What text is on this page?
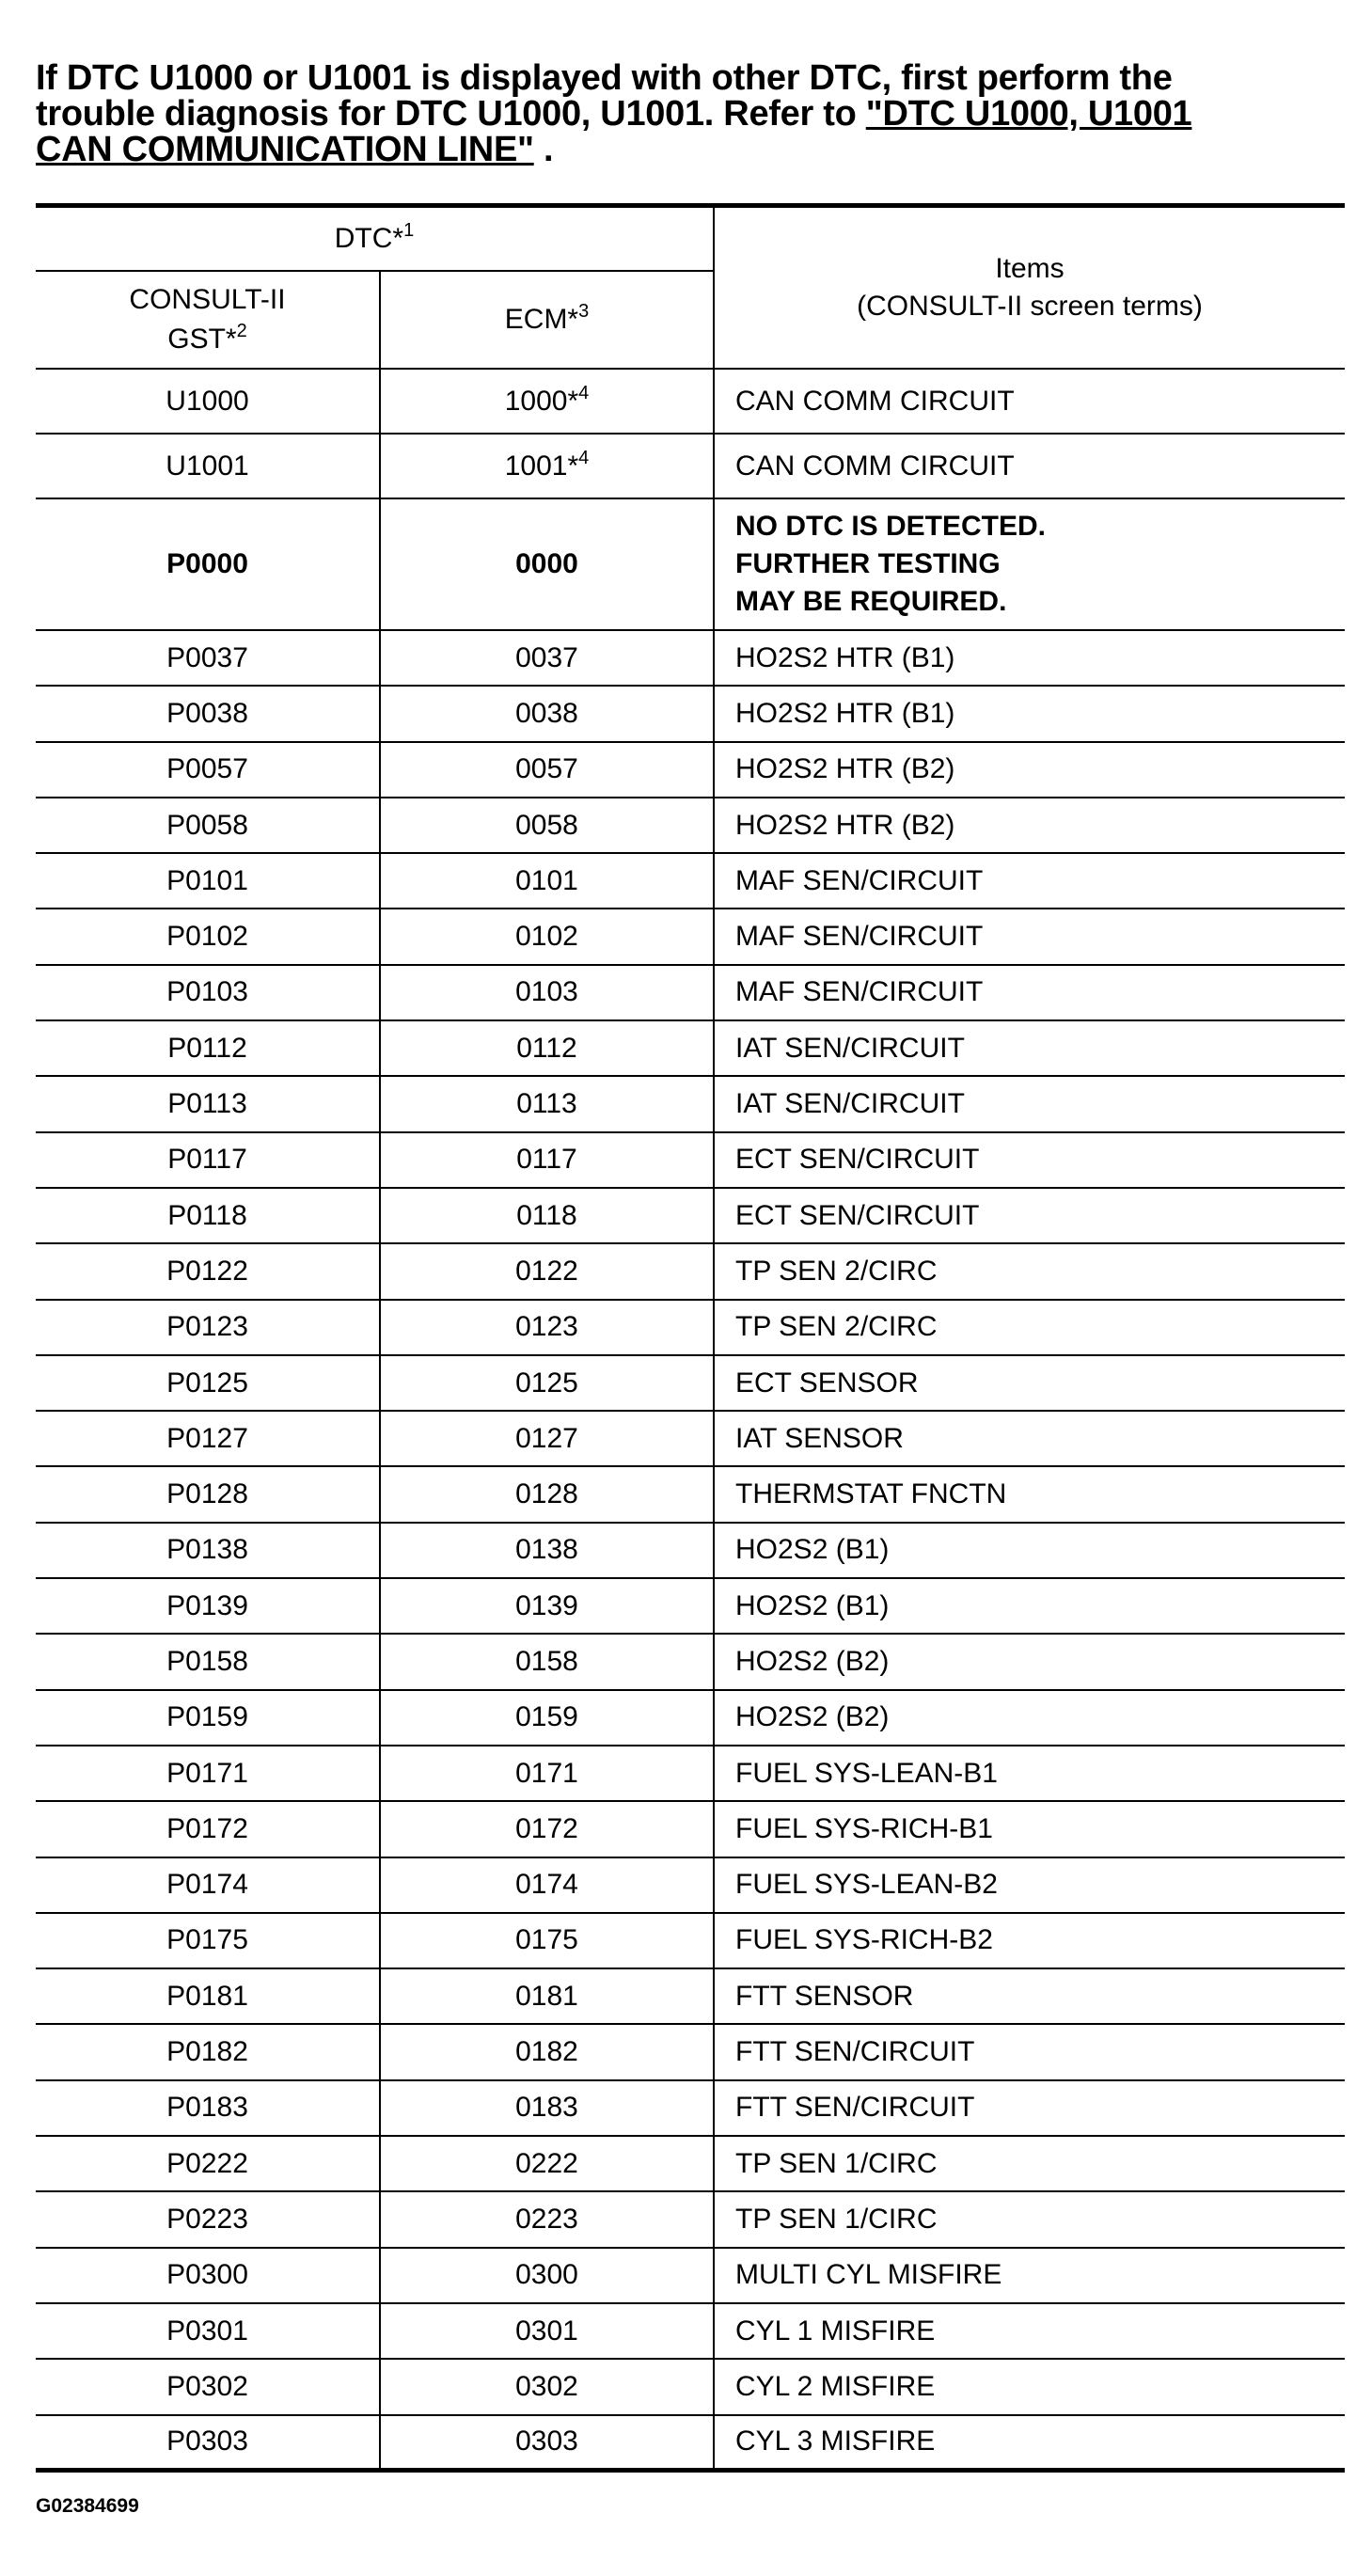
If DTC U1000 or U1001 is displayed with other DTC, first perform the
trouble diagnosis for DTC U1000, U1001. Refer to "DTC U1000, U1001
CAN COMMUNICATION LINE" .
DTC*$^1$		Items
(CONSULT-II screen terms)
CONSULT-II
GST*$^2$	ECM*$^3$
U1000	1000*$^4$	CAN COMM CIRCUIT
U1001	1001*$^4$	CAN COMM CIRCUIT
P0000	0000	NO DTC IS DETECTED.
FURTHER TESTING
MAY BE REQUIRED.
P0037	0037	HO2S2 HTR (B1)
P0038	0038	HO2S2 HTR (B1)
P0057	0057	HO2S2 HTR (B2)
P0058	0058	HO2S2 HTR (B2)
P0101	0101	MAF SEN/CIRCUIT
P0102	0102	MAF SEN/CIRCUIT
P0103	0103	MAF SEN/CIRCUIT
P0112	0112	IAT SEN/CIRCUIT
P0113	0113	IAT SEN/CIRCUIT
P0117	0117	ECT SEN/CIRCUIT
P0118	0118	ECT SEN/CIRCUIT
P0122	0122	TP SEN 2/CIRC
P0123	0123	TP SEN 2/CIRC
P0125	0125	ECT SENSOR
P0127	0127	IAT SENSOR
P0128	0128	THERMSTAT FNCTN
P0138	0138	HO2S2 (B1)
P0139	0139	HO2S2 (B1)
P0158	0158	HO2S2 (B2)
P0159	0159	HO2S2 (B2)
P0171	0171	FUEL SYS-LEAN-B1
P0172	0172	FUEL SYS-RICH-B1
P0174	0174	FUEL SYS-LEAN-B2
P0175	0175	FUEL SYS-RICH-B2
P0181	0181	FTT SENSOR
P0182	0182	FTT SEN/CIRCUIT
P0183	0183	FTT SEN/CIRCUIT
P0222	0222	TP SEN 1/CIRC
P0223	0223	TP SEN 1/CIRC
P0300	0300	MULTI CYL MISFIRE
P0301	0301	CYL 1 MISFIRE
P0302	0302	CYL 2 MISFIRE
P0303	0303	CYL 3 MISFIRE
G02384699
